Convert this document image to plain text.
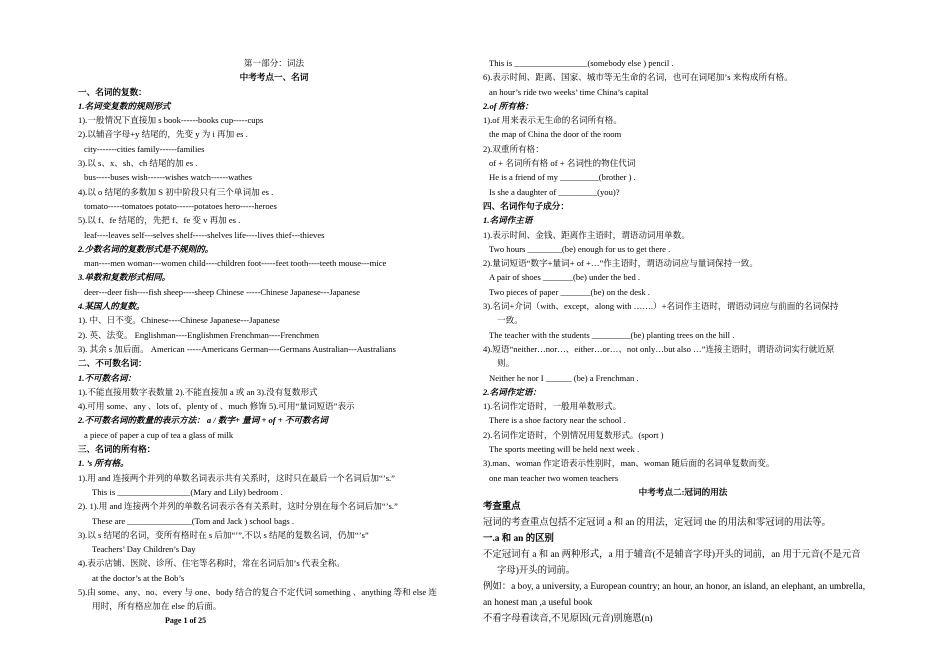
第一部分：词法
中考考点一、名词
一、名词的复数：
1.名词变复数的规则形式
1).一般情况下直接加 s book------books cup-----cups
2).以辅音字母+y 结尾的，先变 y 为 i 再加 es .
city-------cities family------families
3).以 s、x、sh、ch 结尾的加 es .
bus-----buses wish------wishes watch------wathes
4).以 o 结尾的多数加 S 初中阶段只有三个单词加 es .
tomato-----tomatoes potato------potatoes hero-----heroes
5).以 f、fe 结尾的，先把 f、fe 变 v 再加 es .
leaf----leaves self---selves shelf-----shelves life----lives thief---thieves
2.少数名词的复数形式是不规则的。
man----men woman---women child----children foot-----feet tooth----teeth mouse---mice
3.单数和复数形式相同。
deer---deer fish----fish sheep----sheep Chinese -----Chinese Japanese---Japanese
4.某国人的复数。
1). 中、日不变。Chinese----Chinese Japanese---Japanese
2). 英、法变。 Englishman----Englishmen Frenchman----Frenchmen
3). 其余 s 加后面。 American -----Americans German----Germans Australian---Australians
二、不可数名词：
1.不可数名词：
1).不能直接用数字表数量 2).不能直接加 a 或 an 3).没有复数形式
4).可用 some、any 、lots of、plenty of 、much 修饰 5).可用“量词短语”表示
2.不可数名词的数量的表示方法： a / 数字+ 量词 + of + 不可数名词
a piece of paper a cup of tea a glass of milk
三、名词的所有格：
1. ’s 所有格。
1).用 and 连接两个并列的单数名词表示共有关系时，这时只在最后一个名词后加“’s.”
This is _________________(Mary and Lily) bedroom .
2). 1).用 and 连接两个并列的单数名词表示各有关系时，这时分别在每个名词后加“’s.”
These are _______________(Tom and Jack ) school bags .
3).以 s 结尾的名词，变所有格时在 s 后加“’”,不以 s 结尾的复数名词，仍加“’s”
Teachers’ Day Children’s Day
4).表示店铺、医院、诊所、住宅等名称时，常在名词后加’s 代表全称。
at the doctor’s at the Bob’s
5).由 some、any、no、every 与 one、body 结合的复合不定代词 something 、anything 等和 else 连
用时，所有格应加在 else 的后面。
This is _________________(somebody else ) pencil .
6).表示时间、距离、国家、城市等无生命的名词，也可在词尾加’s 来构成所有格。
an hour’s ride two weeks’ time China’s capital
2.of 所有格：
1).of 用来表示无生命的名词所有格。
the map of China the door of the room
2).双重所有格：
of + 名词所有格 of + 名词性的物住代词
He is a friend of my _________(brother ) .
Is she a daughter of _________(you)?
四、名词作句子成分：
1.名词作主语
1).表示时间、金钱、距离作主语时，谓语动词用单数。
Two hours ________(be) enough for us to get there .
2).量词短语“数字+量词+ of +…”作主语时，谓语动词应与量词保持一致。
A pair of shoes _______(be) under the bed .
Two pieces of paper _______(be) on the desk .
3).名词+介词（with、except，along with …….）+名词作主语时，谓语动词应与前面的名词保持
一致。
The teacher with the students _________(be) planting trees on the hill .
4).短语“neither…nor…、either…or…、not only…but also …”连接主语时，谓语动词实行就近原
则。
Neither he nor I ______ (be) a Frenchman .
2.名词作定语：
1).名词作定语时，一般用单数形式。
There is a shoe factory near the school .
2).名词作定语时，个别情况用复数形式。(sport )
The sports meeting will be held next week .
3).man、woman 作定语表示性别时，man、woman 随后面的名词单复数而变。
one man teacher two women teachers
中考考点二:冠词的用法
考查重点
冠词的考查重点包括不定冠词 a 和 an 的用法，定冠词 the 的用法和零冠词的用法等。
一.a 和 an 的区别
不定冠词有 a 和 an 两种形式，a 用于辅音(不是辅音字母)开头的词前，an 用于元音(不是元音
字母)开头的词前。
例如：a boy, a university, a European country; an hour, an honor, an island, an elephant, an umbrella,
an honest man ,a useful book
不看字母看读音,不见原因(元音)别施恩(n)
Page 1 of 25
